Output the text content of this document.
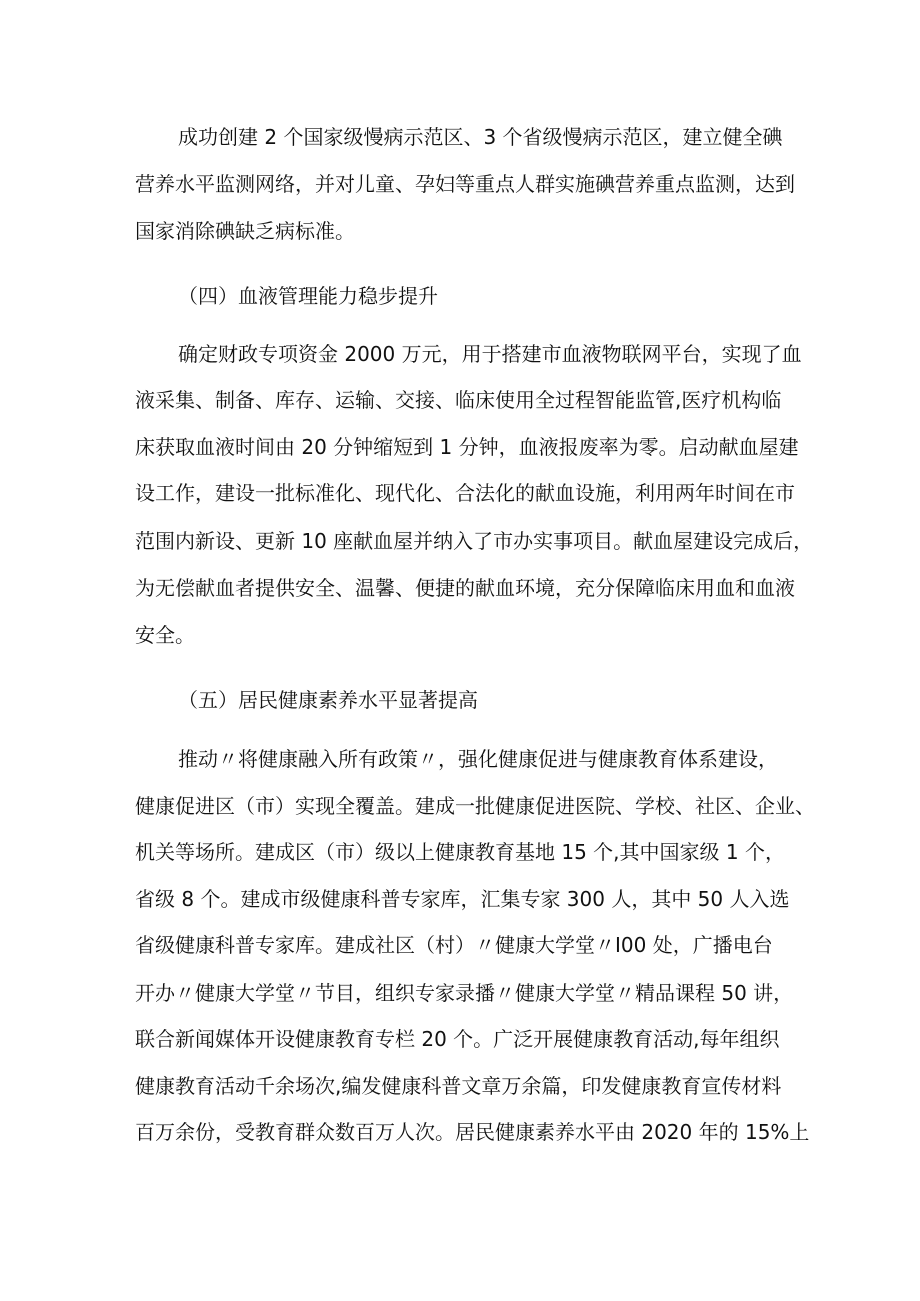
成功创建 2 个国家级慢病示范区、3 个省级慢病示范区，建立健全碘
营养水平监测网络，并对儿童、孕妇等重点人群实施碘营养重点监测，达到
国家消除碘缺乏病标准。
（四）血液管理能力稳步提升
确定财政专项资金 2000 万元，用于搭建市血液物联网平台，实现了血
液采集、制备、库存、运输、交接、临床使用全过程智能监管,医疗机构临
床获取血液时间由 20 分钟缩短到 1 分钟，血液报废率为零。启动献血屋建
设工作，建设一批标准化、现代化、合法化的献血设施，利用两年时间在市
范围内新设、更新 10 座献血屋并纳入了市办实事项目。献血屋建设完成后，
为无偿献血者提供安全、温馨、便捷的献血环境，充分保障临床用血和血液
安全。
（五）居民健康素养水平显著提高
推动〃将健康融入所有政策〃，强化健康促进与健康教育体系建设，
健康促进区（市）实现全覆盖。建成一批健康促进医院、学校、社区、企业、
机关等场所。建成区（市）级以上健康教育基地 15 个,其中国家级 1 个，
省级 8 个。建成市级健康科普专家库，汇集专家 300 人，其中 50 人入选
省级健康科普专家库。建成社区（村）〃健康大学堂〃I00 处，广播电台
开办〃健康大学堂〃节目，组织专家录播〃健康大学堂〃精品课程 50 讲，
联合新闻媒体开设健康教育专栏 20 个。广泛开展健康教育活动,每年组织
健康教育活动千余场次,编发健康科普文章万余篇，印发健康教育宣传材料
百万余份，受教育群众数百万人次。居民健康素养水平由 2020 年的 15%上
